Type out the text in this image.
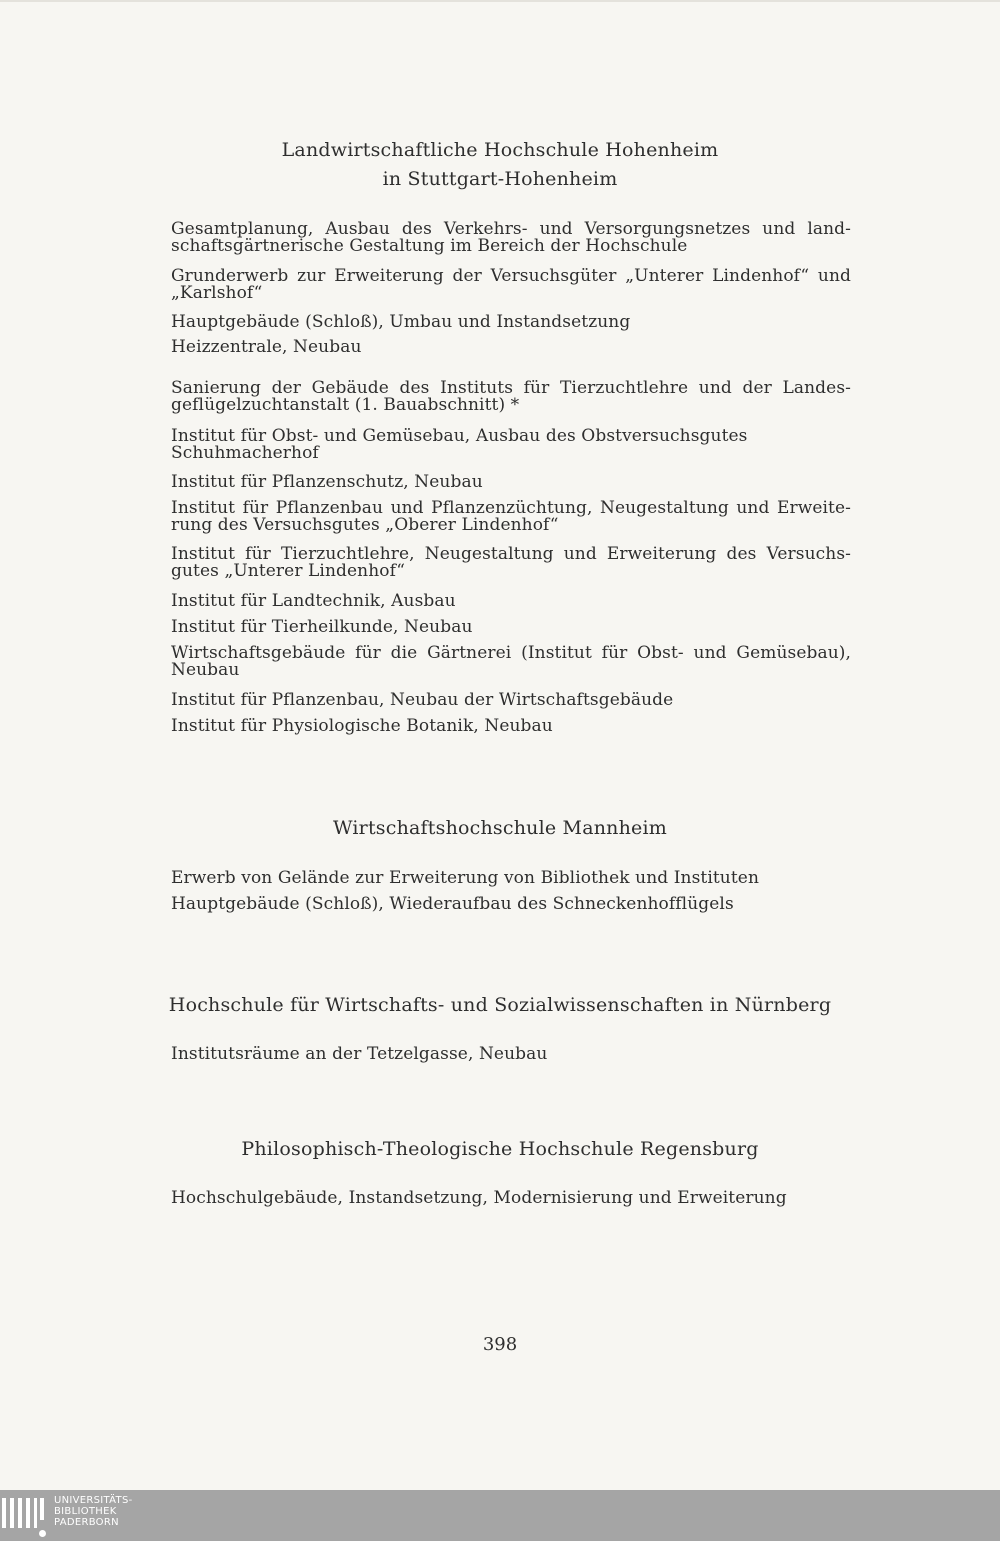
Landwirtschaftliche Hochschule Hohenheim
in Stuttgart-Hohenheim
Gesamtplanung, Ausbau des Verkehrs- und Versorgungsnetzes und land-
schaftsgärtnerische Gestaltung im Bereich der Hochschule
Grunderwerb zur Erweiterung der Versuchsgüter „Unterer Lindenhof“ und
„Karlshof“
Hauptgebäude (Schloß), Umbau und Instandsetzung
Heizzentrale, Neubau
Sanierung der Gebäude des Instituts für Tierzuchtlehre und der Landes-
geflügelzuchtanstalt (1. Bauabschnitt) *
Institut für Obst- und Gemüsebau, Ausbau des Obstversuchsgutes
Schuhmacherhof
Institut für Pflanzenschutz, Neubau
Institut für Pflanzenbau und Pflanzenzüchtung, Neugestaltung und Erweite-
rung des Versuchsgutes „Oberer Lindenhof“
Institut für Tierzuchtlehre, Neugestaltung und Erweiterung des Versuchs-
gutes „Unterer Lindenhof“
Institut für Landtechnik, Ausbau
Institut für Tierheilkunde, Neubau
Wirtschaftsgebäude für die Gärtnerei (Institut für Obst- und Gemüsebau),
Neubau
Institut für Pflanzenbau, Neubau der Wirtschaftsgebäude
Institut für Physiologische Botanik, Neubau
Wirtschaftshochschule Mannheim
Erwerb von Gelände zur Erweiterung von Bibliothek und Instituten
Hauptgebäude (Schloß), Wiederaufbau des Schneckenhofflügels
Hochschule für Wirtschafts- und Sozialwissenschaften in Nürnberg
Institutsräume an der Tetzelgasse, Neubau
Philosophisch-Theologische Hochschule Regensburg
Hochschulgebäude, Instandsetzung, Modernisierung und Erweiterung
398
UNIVERSITÄTS-
BIBLIOTHEK
PADERBORN
